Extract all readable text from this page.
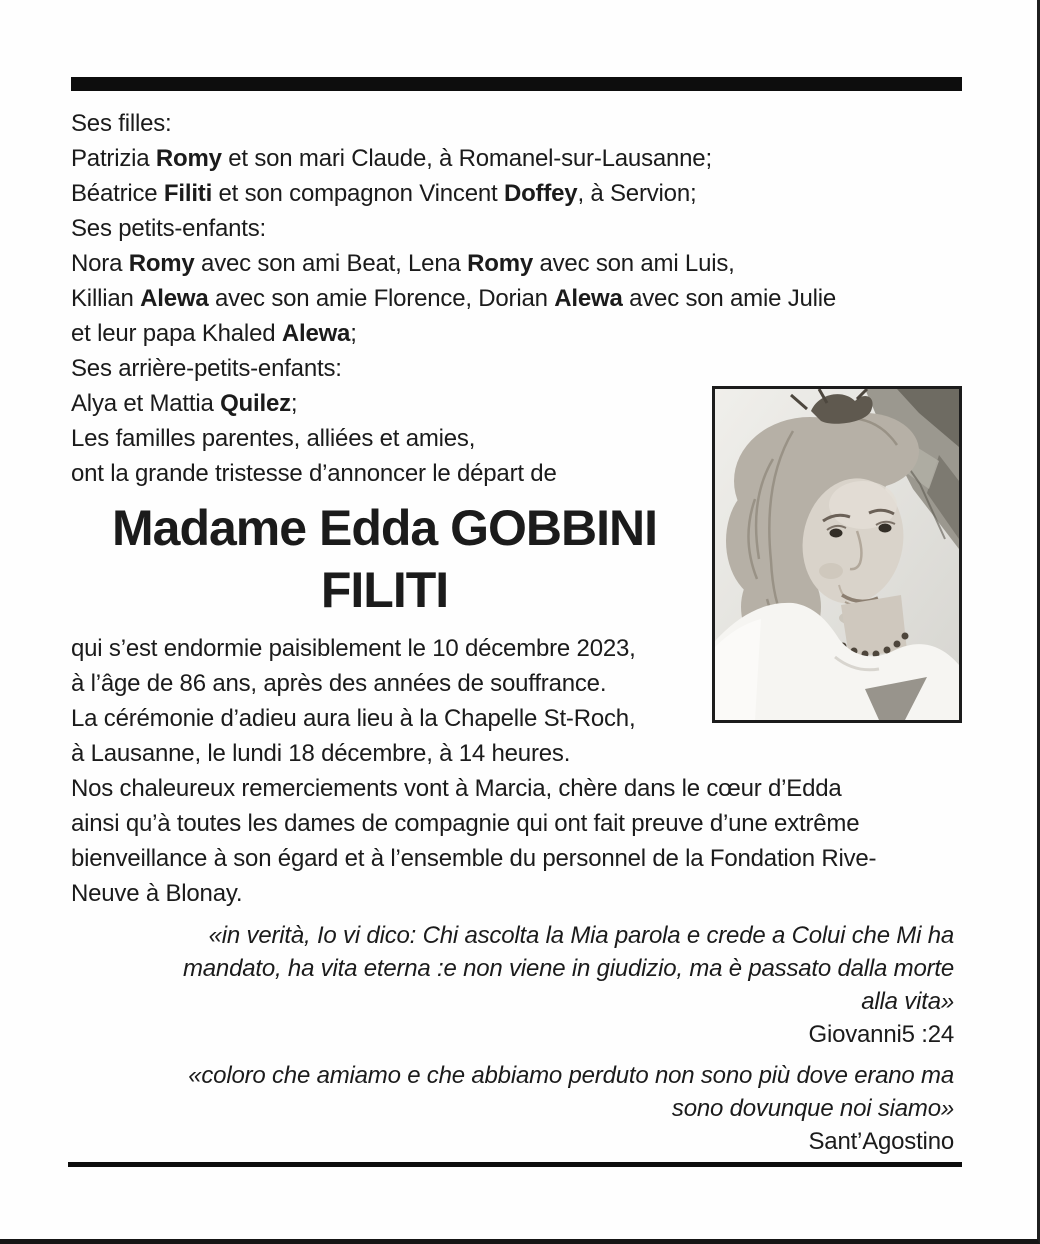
Ses filles:
Patrizia Romy et son mari Claude, à Romanel-sur-Lausanne;
Béatrice Filiti et son compagnon Vincent Doffey, à Servion;
Ses petits-enfants:
Nora Romy avec son ami Beat, Lena Romy avec son ami Luis,
Killian Alewa avec son amie Florence, Dorian Alewa avec son amie Julie
et leur papa Khaled Alewa;
Ses arrière-petits-enfants:
Alya et Mattia Quilez;
Les familles parentes, alliées et amies,
ont la grande tristesse d’annoncer le départ de
Madame Edda GOBBINI
FILITI
qui s’est endormie paisiblement le 10 décembre 2023,
à l’âge de 86 ans, après des années de souffrance.
La cérémonie d’adieu aura lieu à la Chapelle St-Roch,
à Lausanne, le lundi 18 décembre, à 14 heures.
Nos chaleureux remerciements vont à Marcia, chère dans le cœur d’Edda
ainsi qu’à toutes les dames de compagnie qui ont fait preuve d’une extrême
bienveillance à son égard et à l’ensemble du personnel de la Fondation Rive-
Neuve à Blonay.
«in verità, Io vi dico: Chi ascolta la Mia parola e crede a Colui che Mi ha
mandato, ha vita eterna :e non viene in giudizio, ma è passato dalla morte
alla vita»
Giovanni5 :24
«coloro che amiamo e che abbiamo perduto non sono più dove erano ma
sono dovunque noi siamo»
Sant’Agostino
